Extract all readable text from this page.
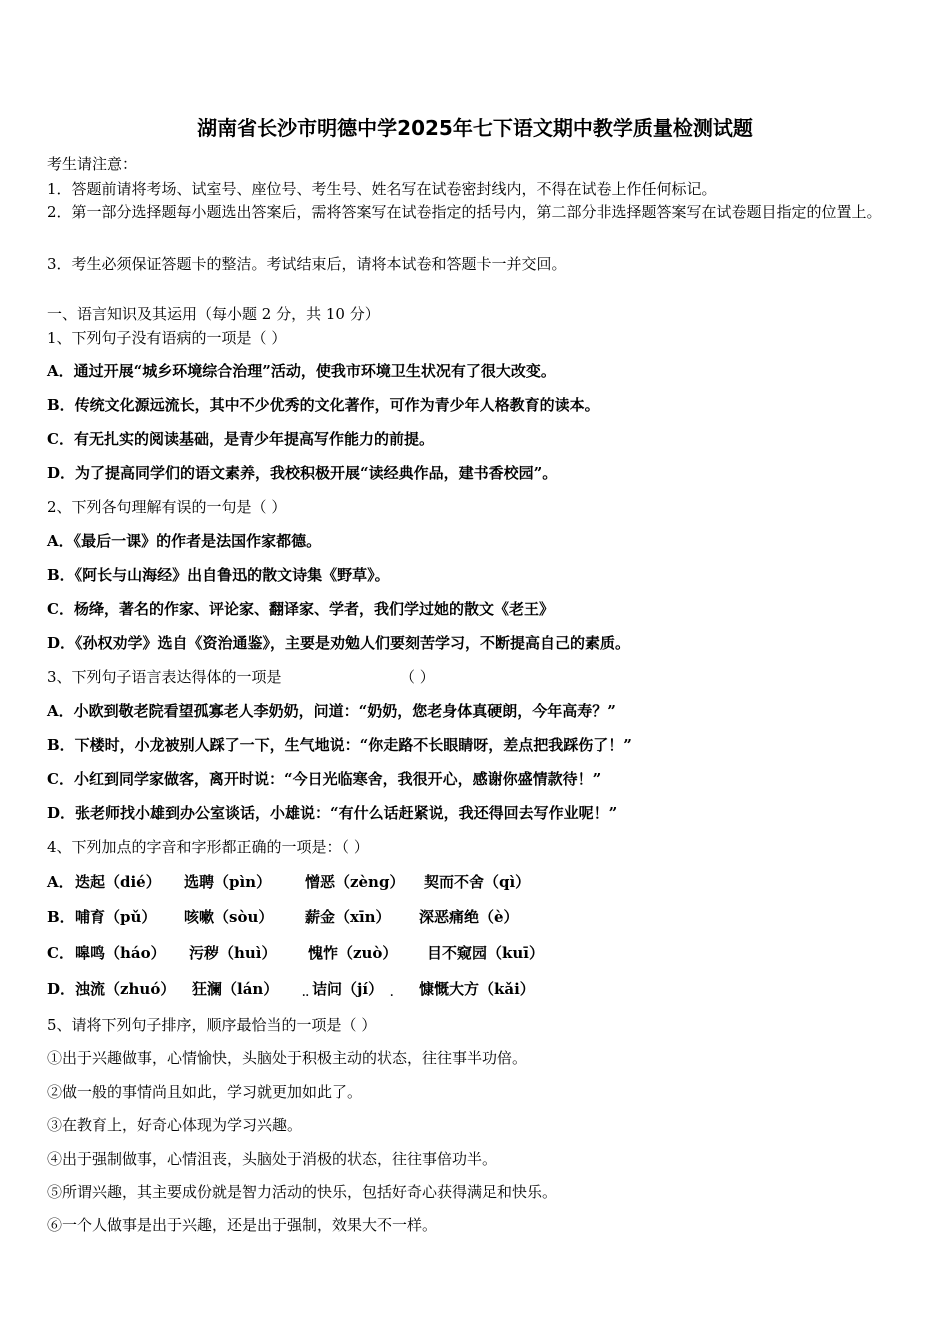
湖南省长沙市明德中学2025年七下语文期中教学质量检测试题
考生请注意：
1．答题前请将考场、试室号、座位号、考生号、姓名写在试卷密封线内，不得在试卷上作任何标记。
2．第一部分选择题每小题选出答案后，需将答案写在试卷指定的括号内，第二部分非选择题答案写在试卷题目指定的位置上。
3．考生必须保证答题卡的整洁。考试结束后，请将本试卷和答题卡一并交回。
一、语言知识及其运用（每小题 2 分，共 10 分）
1、下列句子没有语病的一项是（ ）
A．通过开展“城乡环境综合治理”活动，使我市环境卫生状况有了很大改变。
B．传统文化源远流长，其中不少优秀的文化著作，可作为青少年人格教育的读本。
C．有无扎实的阅读基础，是青少年提高写作能力的前提。
D．为了提高同学们的语文素养，我校积极开展“读经典作品，建书香校园”。
2、下列各句理解有误的一句是（ ）
A．《最后一课》的作者是法国作家都德。
B．《阿长与山海经》出自鲁迅的散文诗集《野草》。
C．杨绛，著名的作家、评论家、翻译家、学者，我们学过她的散文《老王》
D．《孙权劝学》选自《资治通鉴》，主要是劝勉人们要刻苦学习，不断提高自己的素质。
3、下列句子语言表达得体的一项是	（ ）
A．小欧到敬老院看望孤寡老人李奶奶，问道：“奶奶，您老身体真硬朗，今年高寿？”
B．下楼时，小龙被别人踩了一下，生气地说：“你走路不长眼睛呀，差点把我踩伤了！”
C．小红到同学家做客，离开时说：“今日光临寒舍，我很开心，感谢你盛情款待！”
D．张老师找小雄到办公室谈话，小雄说：“有什么话赶紧说，我还得回去写作业呢！”
4、下列加点的字音和字形都正确的一项是：（ ）
A． 迭起（dié） 选聘（pìn） 憎恶（zèng） 契而不舍（qì）
B． 哺育（pǔ） 咳嗽（sòu） 薪金（xīn） 深恶痛绝（è）
C． 嗥鸣（háo） 污秽（huì） 愧怍（zuò） 目不窥园（kuī）
D． 浊流（zhuó） 狂澜（lán） 诘问（jí） 慷慨大方（kǎi）
..	.
5、请将下列句子排序，顺序最恰当的一项是（ ）
①出于兴趣做事，心情愉快，头脑处于积极主动的状态，往往事半功倍。
②做一般的事情尚且如此，学习就更加如此了。
③在教育上，好奇心体现为学习兴趣。
④出于强制做事，心情沮丧，头脑处于消极的状态，往往事倍功半。
⑤所谓兴趣，其主要成份就是智力活动的快乐，包括好奇心获得满足和快乐。
⑥一个人做事是出于兴趣，还是出于强制，效果大不一样。
